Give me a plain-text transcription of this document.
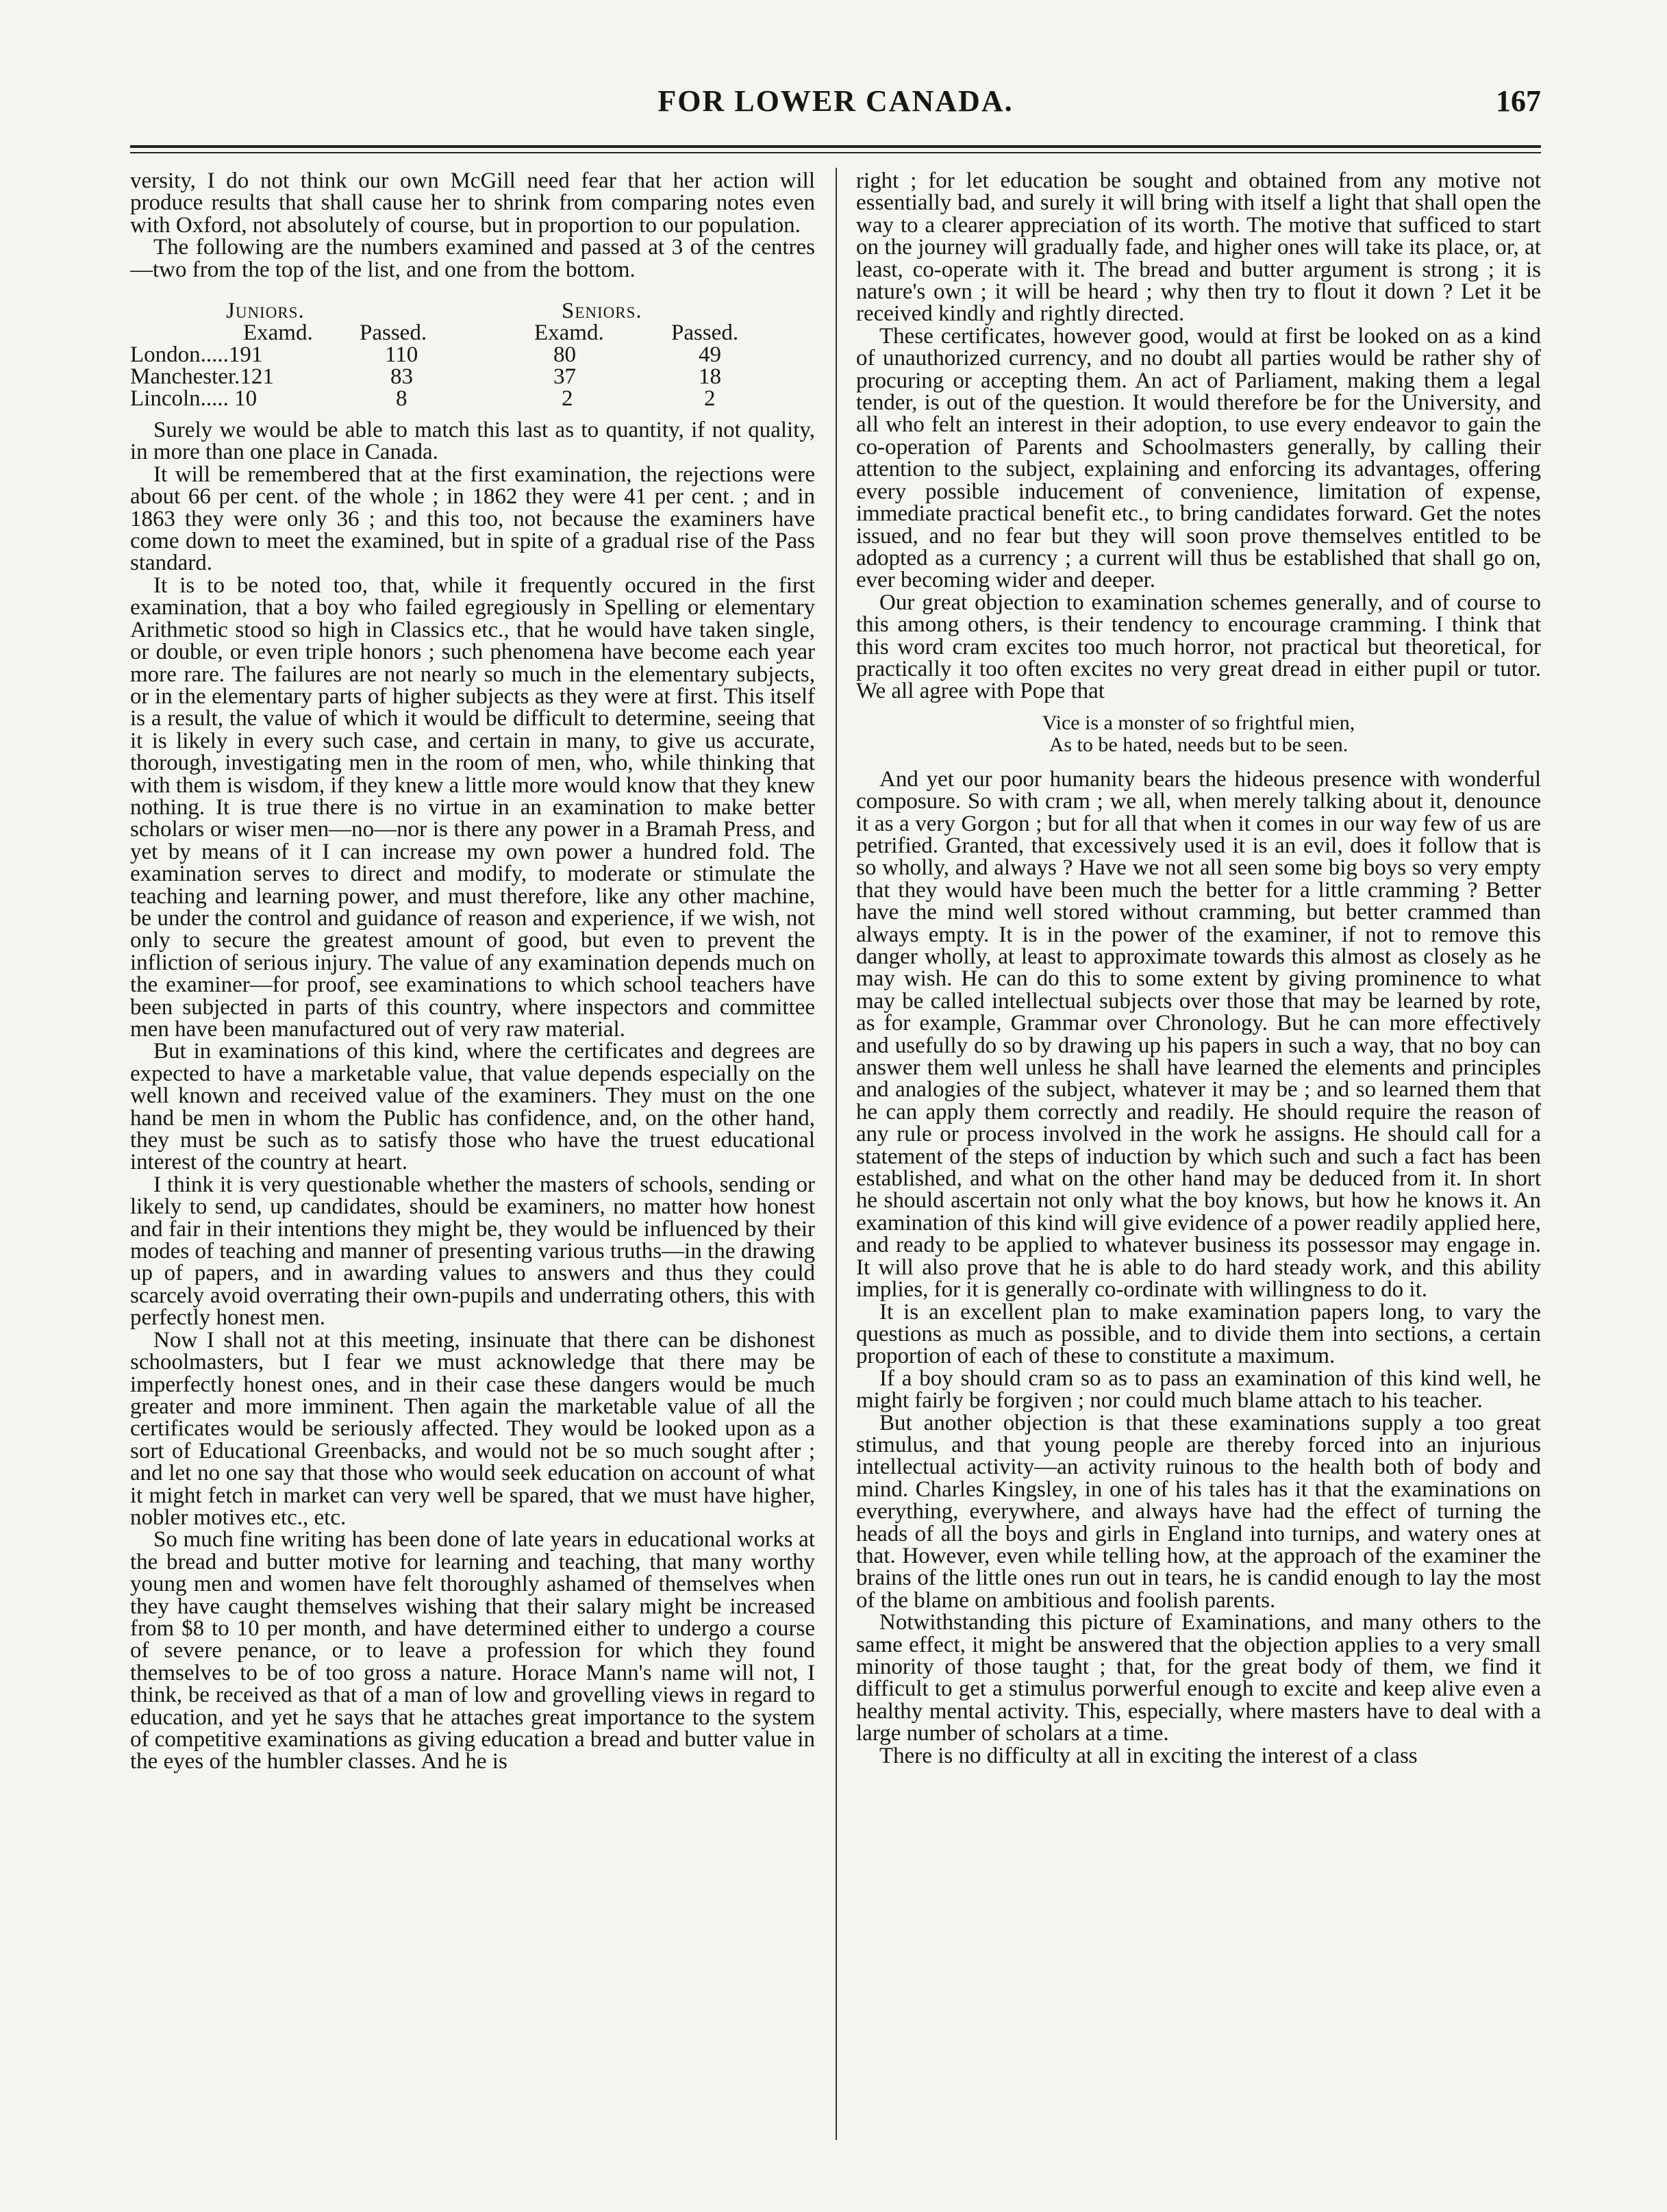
FOR LOWER CANADA.	167

versity, I do not think our own McGill need fear that her action will produce results that shall cause her to shrink from comparing notes even with Oxford, not absolutely of course, but in proportion to our population.

The following are the numbers examined and passed at 3 of the centres—two from the top of the list, and one from the bottom.

Juniors.	Seniors.
Examd. Passed.	Examd.	Passed.
London.....191	110	80	49
Manchester.121	83	37	18
Lincoln..... 10	8	2	2

Surely we would be able to match this last as to quantity, if not quality, in more than one place in Canada.

It will be remembered that at the first examination, the rejections were about 66 per cent. of the whole ; in 1862 they were 41 per cent. ; and in 1863 they were only 36 ; and this too, not because the examiners have come down to meet the examined, but in spite of a gradual rise of the Pass standard.

It is to be noted too, that, while it frequently occured in the first examination, that a boy who failed egregiously in Spelling or elementary Arithmetic stood so high in Classics etc., that he would have taken single, or double, or even triple honors ; such phenomena have become each year more rare. The failures are not nearly so much in the elementary subjects, or in the elementary parts of higher subjects as they were at first. This itself is a result, the value of which it would be difficult to determine, seeing that it is likely in every such case, and certain in many, to give us accurate, thorough, investigating men in the room of men, who, while thinking that with them is wisdom, if they knew a little more would know that they knew nothing. It is true there is no virtue in an examination to make better scholars or wiser men—no—nor is there any power in a Bramah Press, and yet by means of it I can increase my own power a hundred fold. The examination serves to direct and modify, to moderate or stimulate the teaching and learning power, and must therefore, like any other machine, be under the control and guidance of reason and experience, if we wish, not only to secure the greatest amount of good, but even to prevent the infliction of serious injury. The value of any examination depends much on the examiner—for proof, see examinations to which school teachers have been subjected in parts of this country, where inspectors and committee men have been manufactured out of very raw material.

But in examinations of this kind, where the certificates and degrees are expected to have a marketable value, that value depends especially on the well known and received value of the examiners. They must on the one hand be men in whom the Public has confidence, and, on the other hand, they must be such as to satisfy those who have the truest educational interest of the country at heart.

I think it is very questionable whether the masters of schools, sending or likely to send, up candidates, should be examiners, no matter how honest and fair in their intentions they might be, they would be influenced by their modes of teaching and manner of presenting various truths—in the drawing up of papers, and in awarding values to answers and thus they could scarcely avoid overrating their own-pupils and underrating others, this with perfectly honest men.

Now I shall not at this meeting, insinuate that there can be dishonest schoolmasters, but I fear we must acknowledge that there may be imperfectly honest ones, and in their case these dangers would be much greater and more imminent. Then again the marketable value of all the certificates would be seriously affected. They would be looked upon as a sort of Educational Greenbacks, and would not be so much sought after ; and let no one say that those who would seek education on account of what it might fetch in market can very well be spared, that we must have higher, nobler motives etc., etc.

So much fine writing has been done of late years in educational works at the bread and butter motive for learning and teaching, that many worthy young men and women have felt thoroughly ashamed of themselves when they have caught themselves wishing that their salary might be increased from $8 to 10 per month, and have determined either to undergo a course of severe penance, or to leave a profession for which they found themselves to be of too gross a nature. Horace Mann's name will not, I think, be received as that of a man of low and grovelling views in regard to education, and yet he says that he attaches great importance to the system of competitive examinations as giving education a bread and butter value in the eyes of the humbler classes. And he is

right ; for let education be sought and obtained from any motive not essentially bad, and surely it will bring with itself a light that shall open the way to a clearer appreciation of its worth. The motive that sufficed to start on the journey will gradually fade, and higher ones will take its place, or, at least, co-operate with it. The bread and butter argument is strong ; it is nature's own ; it will be heard ; why then try to flout it down ? Let it be received kindly and rightly directed.

These certificates, however good, would at first be looked on as a kind of unauthorized currency, and no doubt all parties would be rather shy of procuring or accepting them. An act of Parliament, making them a legal tender, is out of the question. It would therefore be for the University, and all who felt an interest in their adoption, to use every endeavor to gain the co-operation of Parents and Schoolmasters generally, by calling their attention to the subject, explaining and enforcing its advantages, offering every possible inducement of convenience, limitation of expense, immediate practical benefit etc., to bring candidates forward. Get the notes issued, and no fear but they will soon prove themselves entitled to be adopted as a currency ; a current will thus be established that shall go on, ever becoming wider and deeper.

Our great objection to examination schemes generally, and of course to this among others, is their tendency to encourage cramming. I think that this word cram excites too much horror, not practical but theoretical, for practically it too often excites no very great dread in either pupil or tutor. We all agree with Pope that

Vice is a monster of so frightful mien,
As to be hated, needs but to be seen.

And yet our poor humanity bears the hideous presence with wonderful composure. So with cram ; we all, when merely talking about it, denounce it as a very Gorgon ; but for all that when it comes in our way few of us are petrified. Granted, that excessively used it is an evil, does it follow that is so wholly, and always ? Have we not all seen some big boys so very empty that they would have been much the better for a little cramming ? Better have the mind well stored without cramming, but better crammed than always empty. It is in the power of the examiner, if not to remove this danger wholly, at least to approximate towards this almost as closely as he may wish. He can do this to some extent by giving prominence to what may be called intellectual subjects over those that may be learned by rote, as for example, Grammar over Chronology. But he can more effectively and usefully do so by drawing up his papers in such a way, that no boy can answer them well unless he shall have learned the elements and principles and analogies of the subject, whatever it may be ; and so learned them that he can apply them correctly and readily. He should require the reason of any rule or process involved in the work he assigns. He should call for a statement of the steps of induction by which such and such a fact has been established, and what on the other hand may be deduced from it. In short he should ascertain not only what the boy knows, but how he knows it. An examination of this kind will give evidence of a power readily applied here, and ready to be applied to whatever business its possessor may engage in. It will also prove that he is able to do hard steady work, and this ability implies, for it is generally co-ordinate with willingness to do it.

It is an excellent plan to make examination papers long, to vary the questions as much as possible, and to divide them into sections, a certain proportion of each of these to constitute a maximum.

If a boy should cram so as to pass an examination of this kind well, he might fairly be forgiven ; nor could much blame attach to his teacher.

But another objection is that these examinations supply a too great stimulus, and that young people are thereby forced into an injurious intellectual activity—an activity ruinous to the health both of body and mind. Charles Kingsley, in one of his tales has it that the examinations on everything, everywhere, and always have had the effect of turning the heads of all the boys and girls in England into turnips, and watery ones at that. However, even while telling how, at the approach of the examiner the brains of the little ones run out in tears, he is candid enough to lay the most of the blame on ambitious and foolish parents.

Notwithstanding this picture of Examinations, and many others to the same effect, it might be answered that the objection applies to a very small minority of those taught ; that, for the great body of them, we find it difficult to get a stimulus porwerful enough to excite and keep alive even a healthy mental activity. This, especially, where masters have to deal with a large number of scholars at a time.

There is no difficulty at all in exciting the interest of a class
